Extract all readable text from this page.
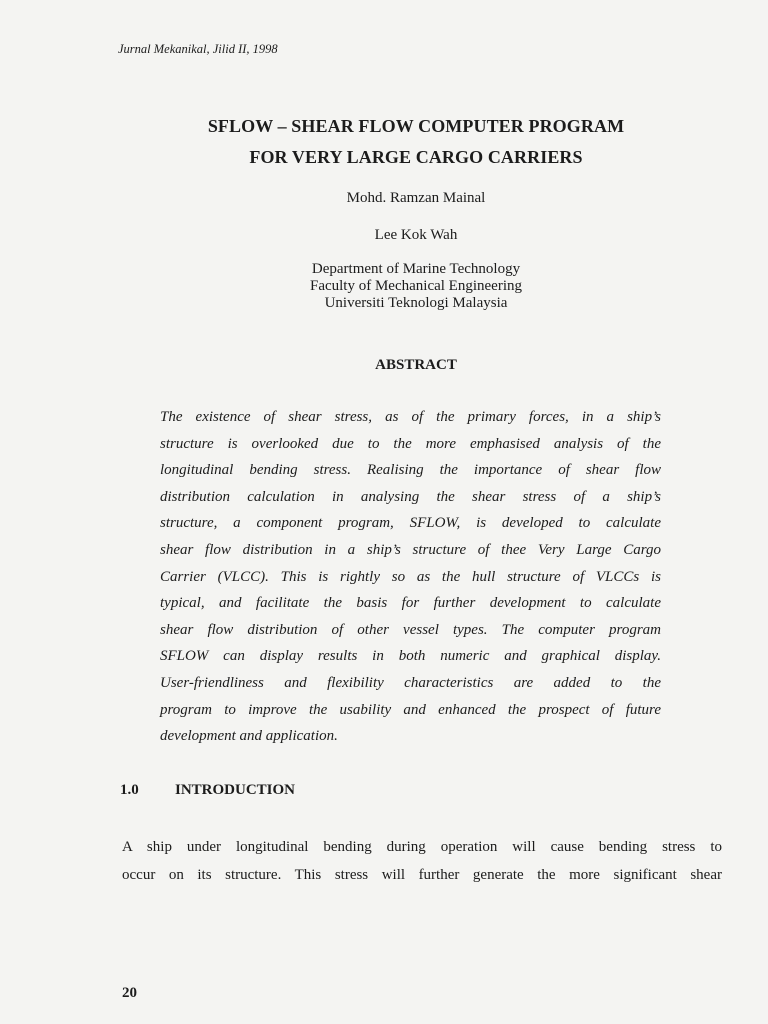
Jurnal Mekanikal, Jilid II, 1998
SFLOW – SHEAR FLOW COMPUTER PROGRAM
FOR VERY LARGE CARGO CARRIERS
Mohd. Ramzan Mainal
Lee Kok Wah
Department of Marine Technology
Faculty of Mechanical Engineering
Universiti Teknologi Malaysia
ABSTRACT
The existence of shear stress, as of the primary forces, in a ship’s
structure is overlooked due to the more emphasised analysis of the
longitudinal bending stress. Realising the importance of shear flow
distribution calculation in analysing the shear stress of a ship’s
structure, a component program, SFLOW, is developed to calculate
shear flow distribution in a ship’s structure of thee Very Large Cargo
Carrier (VLCC). This is rightly so as the hull structure of VLCCs is
typical, and facilitate the basis for further development to calculate
shear flow distribution of other vessel types. The computer program
SFLOW can display results in both numeric and graphical display.
User-friendliness and flexibility characteristics are added to the
program to improve the usability and enhanced the prospect of future
development and application.
1.0 INTRODUCTION
A ship under longitudinal bending during operation will cause bending stress to
occur on its structure. This stress will further generate the more significant shear
20
